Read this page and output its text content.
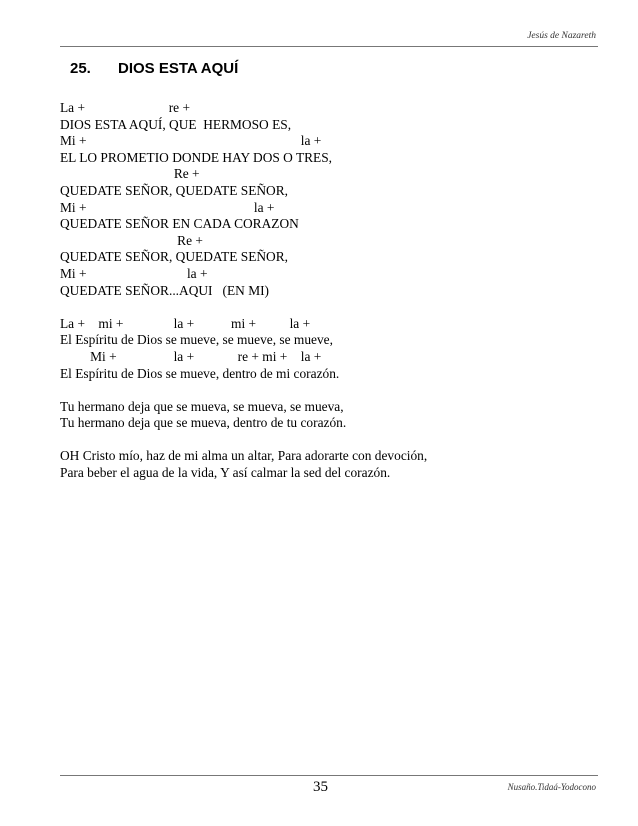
Jesús de Nazareth
25. DIOS ESTA AQUÍ
La +                         re +
DIOS ESTA AQUÍ, QUE  HERMOSO ES,
Mi +                                                                la +
EL LO PROMETIO DONDE HAY DOS O TRES,
Re +
QUEDATE SEÑOR, QUEDATE SEÑOR,
Mi +                                                  la +
QUEDATE SEÑOR EN CADA CORAZON
Re +
QUEDATE SEÑOR, QUEDATE SEÑOR,
Mi +                              la +
QUEDATE SEÑOR...AQUI   (EN MI)
La +    mi +               la +           mi +          la +
El Espíritu de Dios se mueve, se mueve, se mueve,
Mi +                 la +             re + mi +    la +
El Espíritu de Dios se mueve, dentro de mi corazón.
Tu hermano deja que se mueva, se mueva, se mueva,
Tu hermano deja que se mueva, dentro de tu corazón.
OH Cristo mío, haz de mi alma un altar, Para adorarte con devoción,
Para beber el agua de la vida, Y así calmar la sed del corazón.
35	Nusaño.Tidaá-Yodocono
